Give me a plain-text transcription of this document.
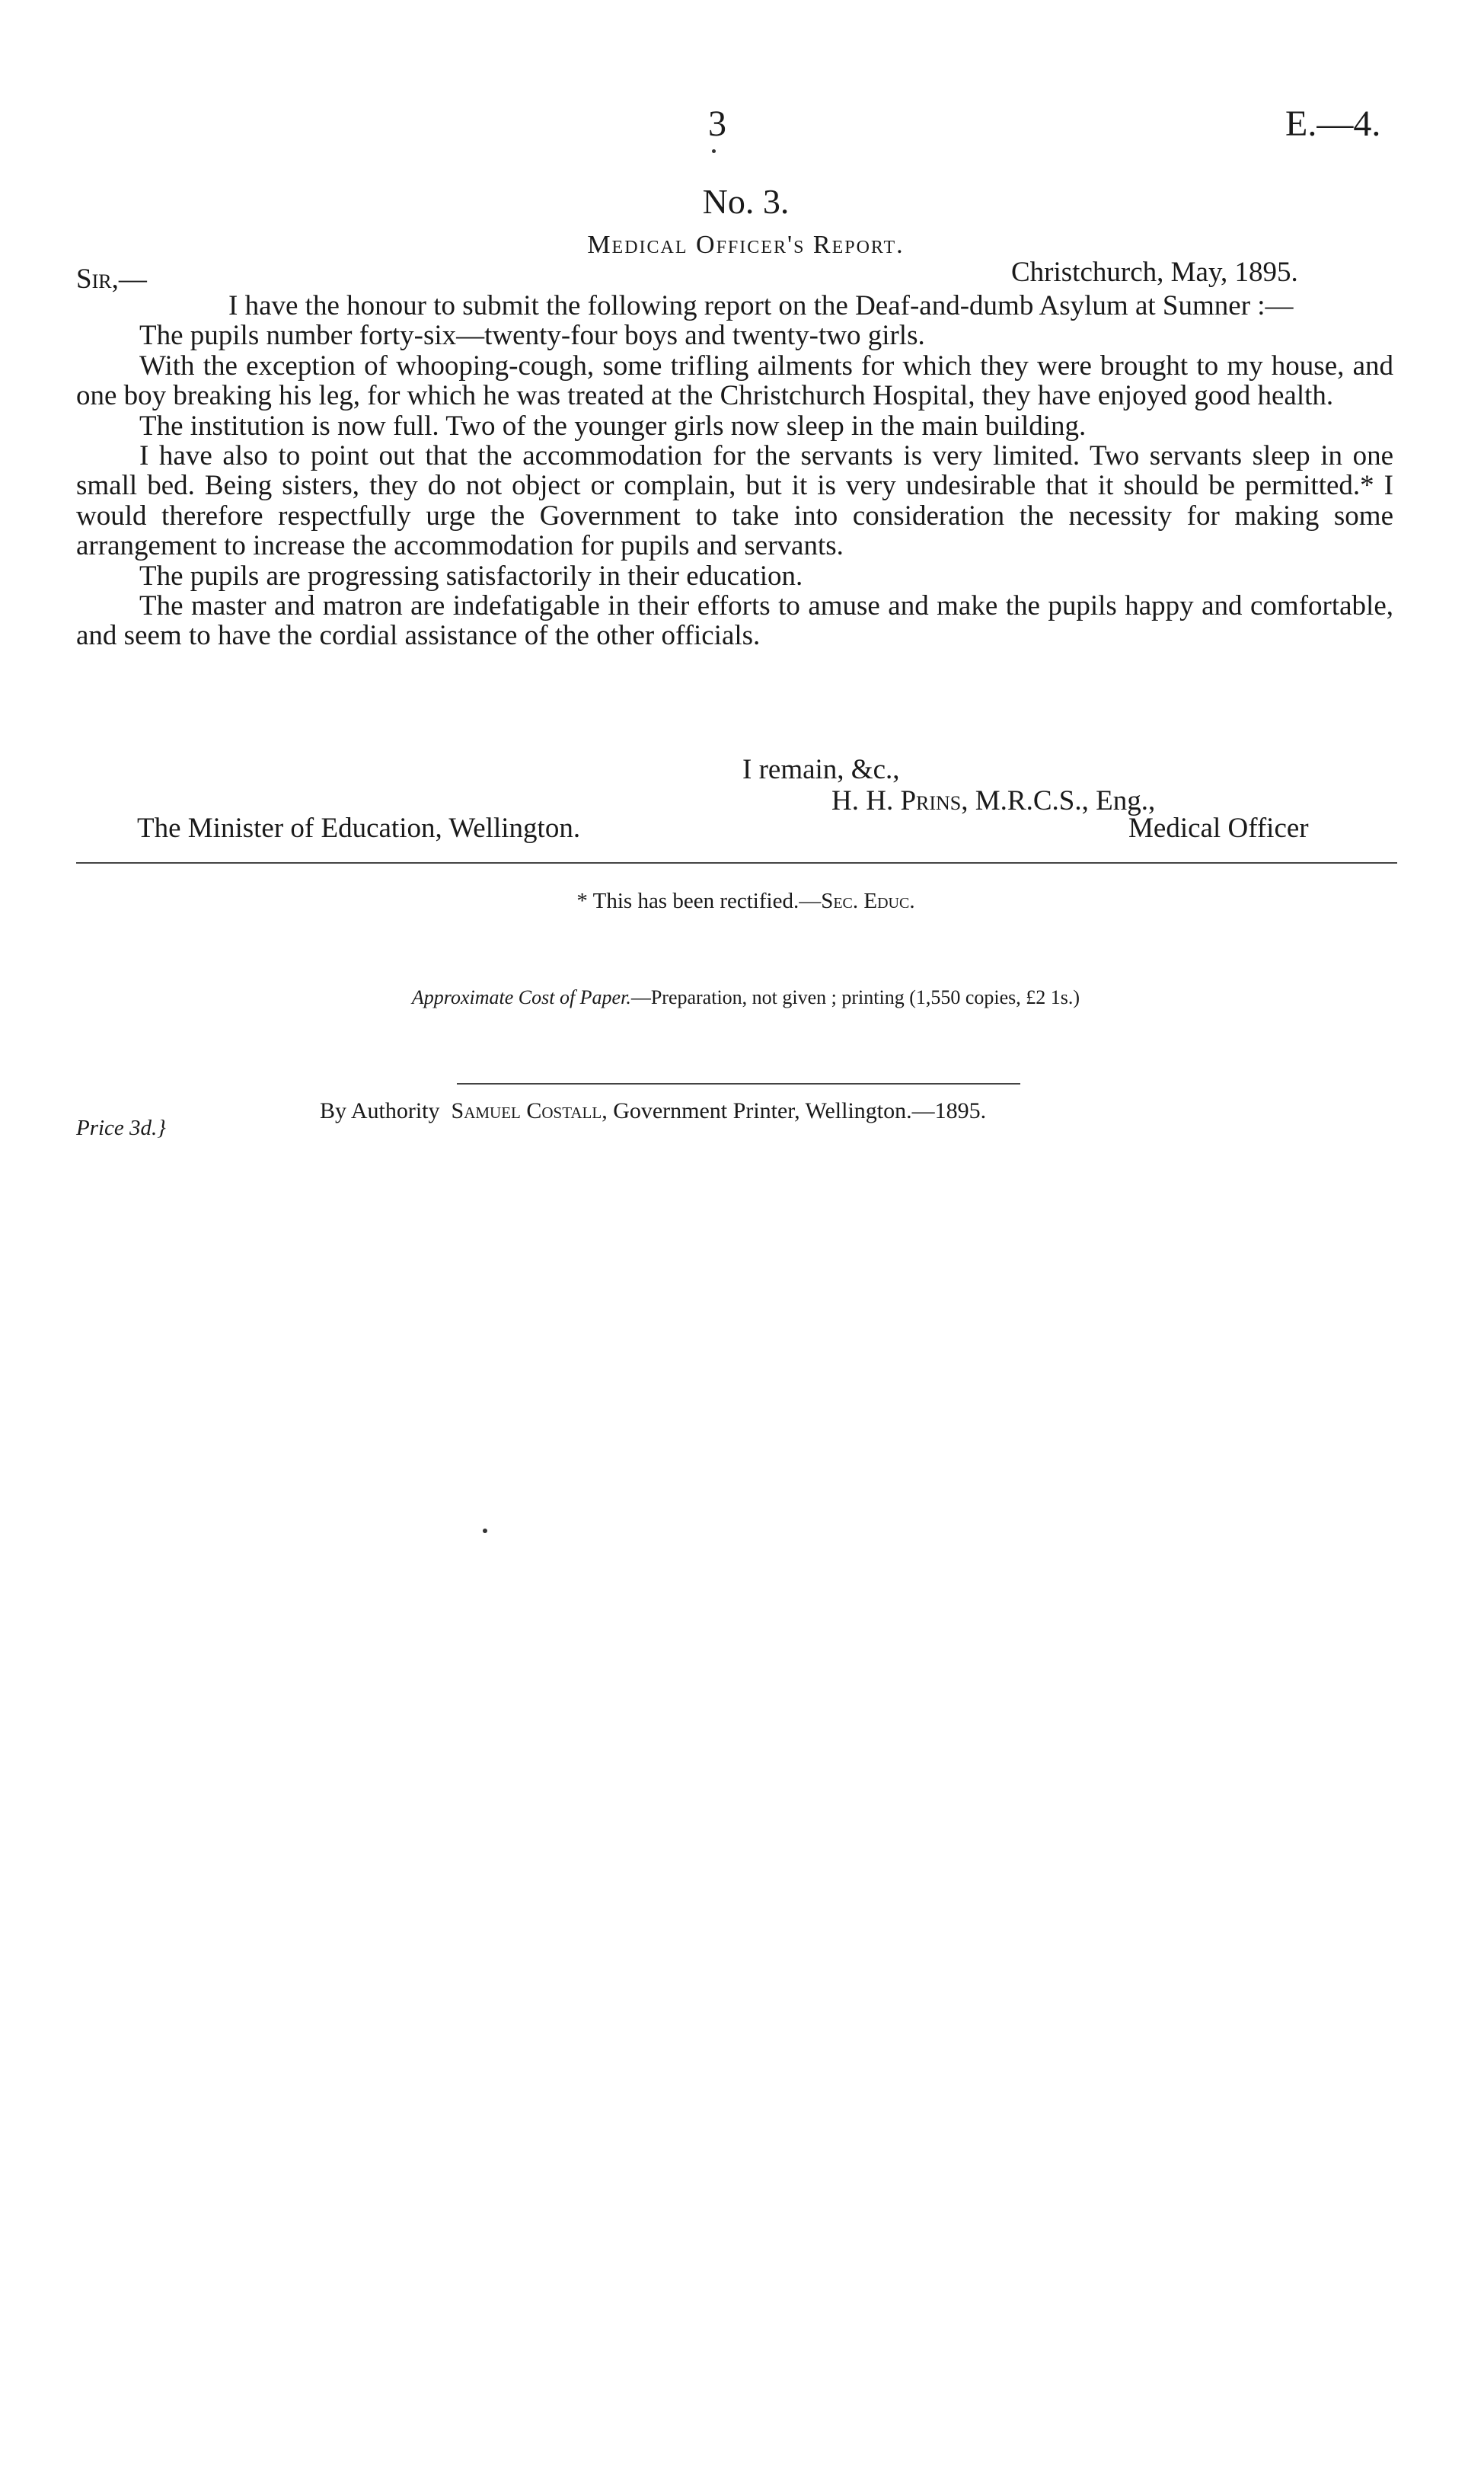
3	E.—4.
No. 3.
Medical Officer's Report.
Sir,—	Christchurch, May, 1895.

I have the honour to submit the following report on the Deaf-and-dumb Asylum at Sumner :—

The pupils number forty-six—twenty-four boys and twenty-two girls.

With the exception of whooping-cough, some trifling ailments for which they were brought to my house, and one boy breaking his leg, for which he was treated at the Christchurch Hospital, they have enjoyed good health.

The institution is now full. Two of the younger girls now sleep in the main building.

I have also to point out that the accommodation for the servants is very limited. Two servants sleep in one small bed. Being sisters, they do not object or complain, but it is very undesirable that it should be permitted.* I would therefore respectfully urge the Government to take into consideration the necessity for making some arrangement to increase the accommodation for pupils and servants.

The pupils are progressing satisfactorily in their education.

The master and matron are indefatigable in their efforts to amuse and make the pupils happy and comfortable, and seem to have the cordial assistance of the other officials.

I remain, &c.,
H. H. Prins, M.R.C.S., Eng.,
The Minister of Education, Wellington.	Medical Officer
* This has been rectified.—Sec. Educ.
Approximate Cost of Paper.—Preparation, not given ; printing (1,550 copies, £2 1s.)
By Authority Samuel Costall, Government Printer, Wellington.—1895.
Price 3d.}
